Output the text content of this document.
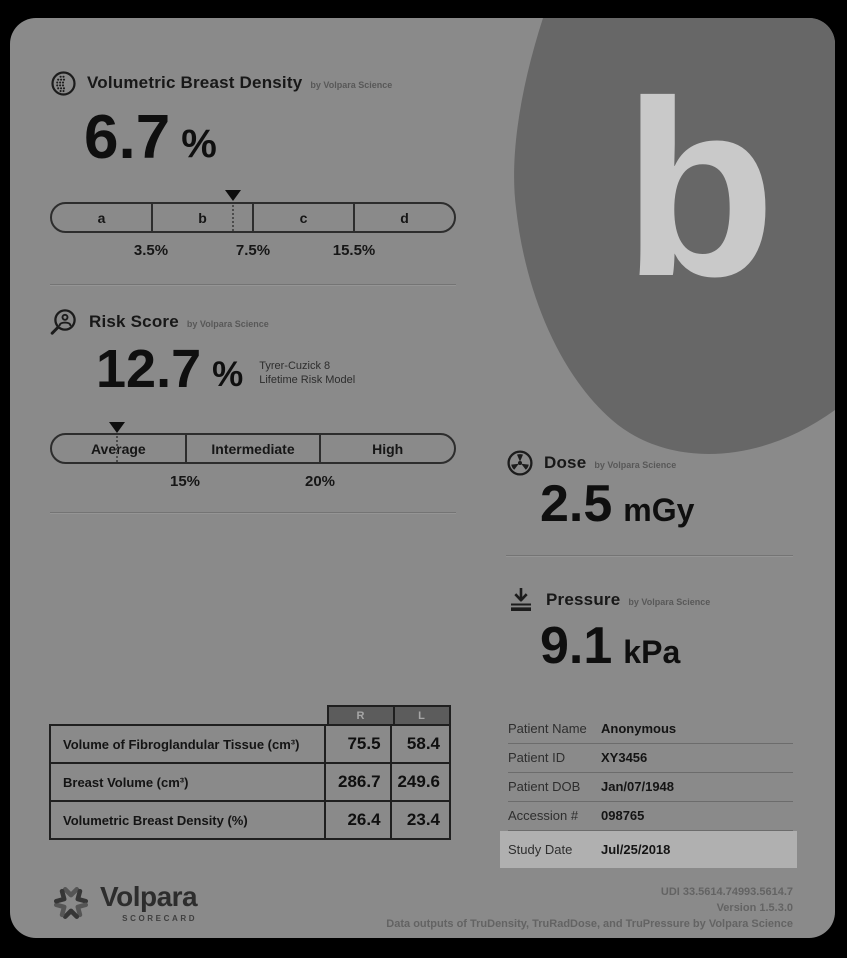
b
Volumetric Breast Density by Volpara Science
6.7 %
a	b	c	d
3.5%	7.5%	15.5%
Risk Score by Volpara Science
12.7 % Tyrer-Cuzick 8
Lifetime Risk Model
Average	Intermediate	High
15%	20%
Dose by Volpara Science
2.5 mGy
Pressure by Volpara Science
9.1 kPa
R	L
Volume of Fibroglandular Tissue (cm³)	75.5	58.4
Breast Volume (cm³)	286.7 249.6
Volumetric Breast Density (%)	26.4	23.4
Patient Name	Anonymous
Patient ID	XY3456
Patient DOB	Jan/07/1948
Accession #	098765
Study Date	Jul/25/2018
UDI 33.5614.74993.5614.7
Version 1.5.3.0
Data outputs of TruDensity, TruRadDose, and TruPressure by Volpara Science
Volpara
SCORECARD
